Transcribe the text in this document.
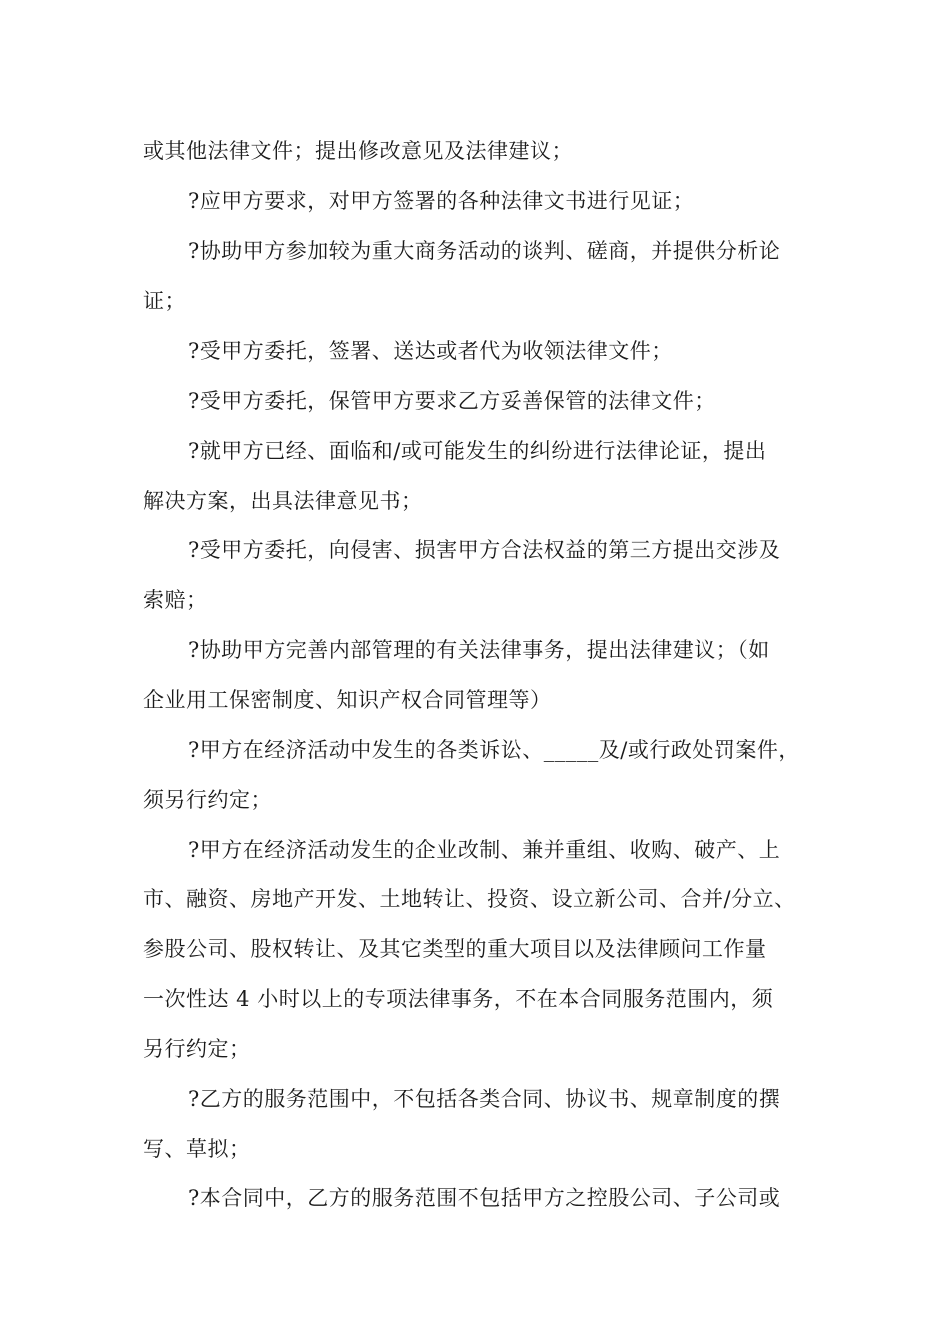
或其他法律文件；提出修改意见及法律建议；
?应甲方要求，对甲方签署的各种法律文书进行见证；
?协助甲方参加较为重大商务活动的谈判、磋商，并提供分析论
证；
?受甲方委托，签署、送达或者代为收领法律文件；
?受甲方委托，保管甲方要求乙方妥善保管的法律文件；
?就甲方已经、面临和/或可能发生的纠纷进行法律论证，提出
解决方案，出具法律意见书；
?受甲方委托，向侵害、损害甲方合法权益的第三方提出交涉及
索赔；
?协助甲方完善内部管理的有关法律事务，提出法律建议；（如
企业用工保密制度、知识产权合同管理等）
?甲方在经济活动中发生的各类诉讼、_____及/或行政处罚案件，
须另行约定；
?甲方在经济活动发生的企业改制、兼并重组、收购、破产、上
市、融资、房地产开发、土地转让、投资、设立新公司、合并/分立、
参股公司、股权转让、及其它类型的重大项目以及法律顾问工作量
一次性达 4 小时以上的专项法律事务，不在本合同服务范围内，须
另行约定；
?乙方的服务范围中，不包括各类合同、协议书、规章制度的撰
写、草拟；
?本合同中，乙方的服务范围不包括甲方之控股公司、子公司或
